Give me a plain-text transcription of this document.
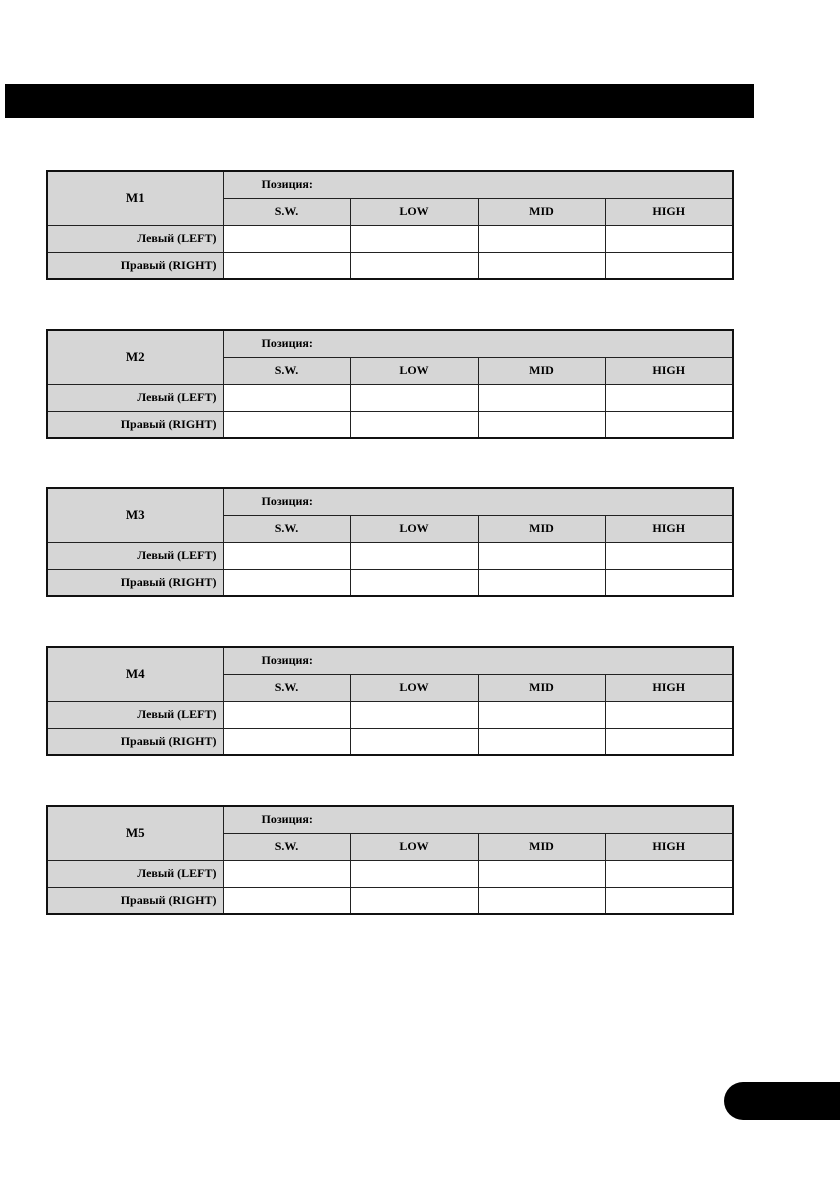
M1	Позиция:			
	S.W.	LOW	MID	HIGH
Левый (LEFT)				
Правый (RIGHT)				
M2	Позиция:			
	S.W.	LOW	MID	HIGH
Левый (LEFT)				
Правый (RIGHT)				
M3	Позиция:			
	S.W.	LOW	MID	HIGH
Левый (LEFT)				
Правый (RIGHT)				
M4	Позиция:			
	S.W.	LOW	MID	HIGH
Левый (LEFT)				
Правый (RIGHT)				
M5	Позиция:			
	S.W.	LOW	MID	HIGH
Левый (LEFT)				
Правый (RIGHT)				
